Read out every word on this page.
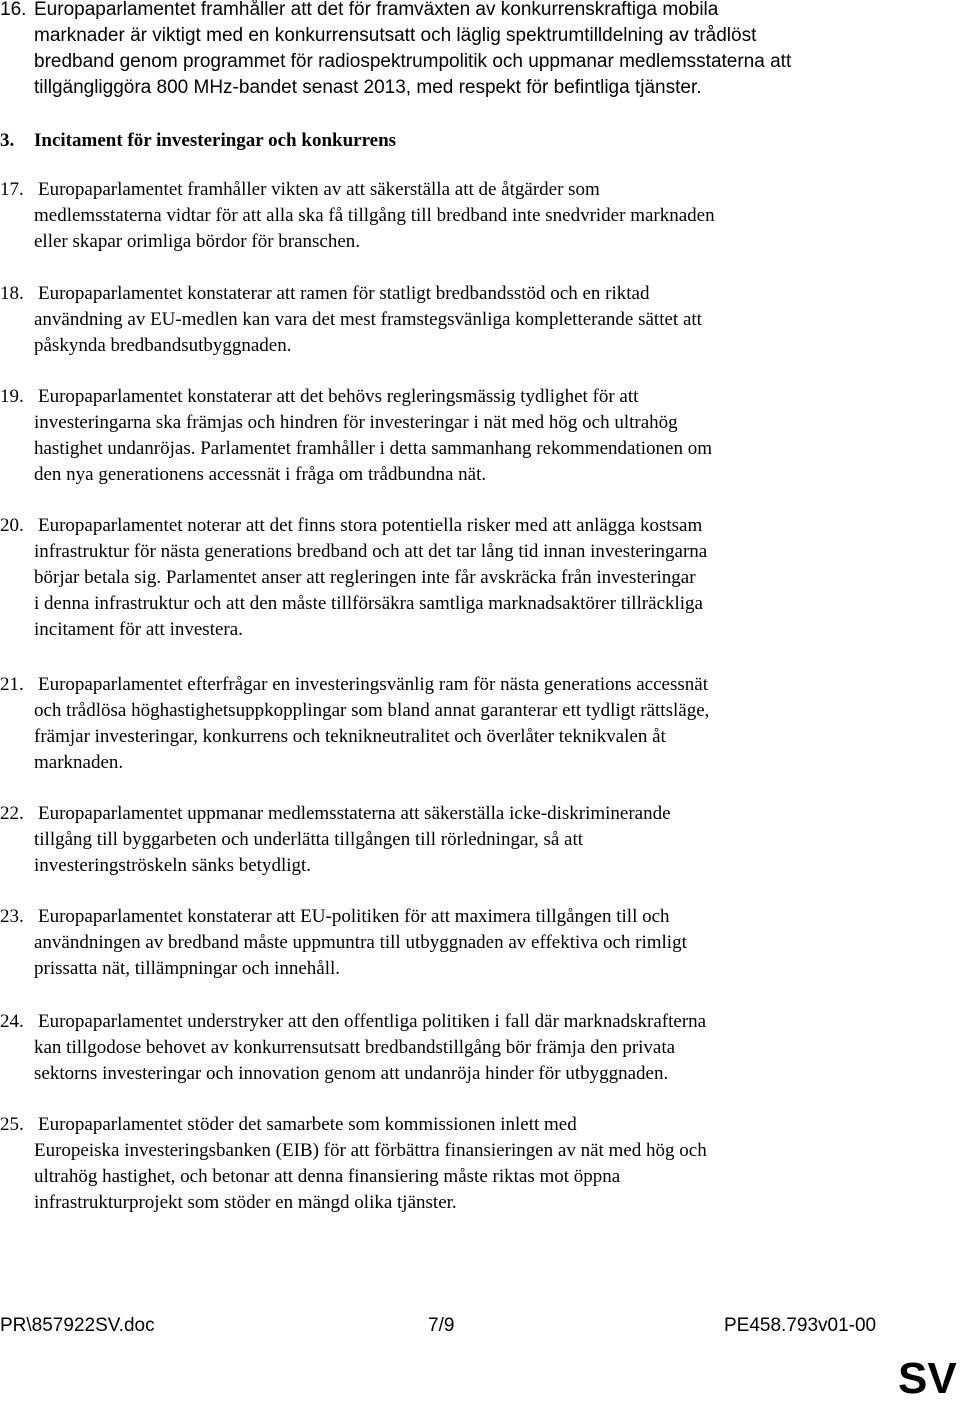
16. Europaparlamentet framhåller att det för framväxten av konkurrenskraftiga mobila
marknader är viktigt med en konkurrensutsatt och läglig spektrumtilldelning av trådlöst
bredband genom programmet för radiospektrumpolitik och uppmanar medlemsstaterna att
tillgängliggöra 800 MHz-bandet senast 2013, med respekt för befintliga tjänster.
3. Incitament för investeringar och konkurrens
17. Europaparlamentet framhåller vikten av att säkerställa att de åtgärder som
medlemsstaterna vidtar för att alla ska få tillgång till bredband inte snedvrider marknaden
eller skapar orimliga bördor för branschen.
18. Europaparlamentet konstaterar att ramen för statligt bredbandsstöd och en riktad
användning av EU-medlen kan vara det mest framstegsvänliga kompletterande sättet att
påskynda bredbandsutbyggnaden.
19. Europaparlamentet konstaterar att det behövs regleringsmässig tydlighet för att
investeringarna ska främjas och hindren för investeringar i nät med hög och ultrahög
hastighet undanröjas. Parlamentet framhåller i detta sammanhang rekommendationen om
den nya generationens accessnät i fråga om trådbundna nät.
20. Europaparlamentet noterar att det finns stora potentiella risker med att anlägga kostsam
infrastruktur för nästa generations bredband och att det tar lång tid innan investeringarna
börjar betala sig. Parlamentet anser att regleringen inte får avskräcka från investeringar
i denna infrastruktur och att den måste tillförsäkra samtliga marknadsaktörer tillräckliga
incitament för att investera.
21. Europaparlamentet efterfrågar en investeringsvänlig ram för nästa generations accessnät
och trådlösa höghastighetsuppkopplingar som bland annat garanterar ett tydligt rättsläge,
främjar investeringar, konkurrens och teknikneutralitet och överlåter teknikvalen åt
marknaden.
22. Europaparlamentet uppmanar medlemsstaterna att säkerställa icke-diskriminerande
tillgång till byggarbeten och underlätta tillgången till rörledningar, så att
investeringströskeln sänks betydligt.
23. Europaparlamentet konstaterar att EU-politiken för att maximera tillgången till och
användningen av bredband måste uppmuntra till utbyggnaden av effektiva och rimligt
prissatta nät, tillämpningar och innehåll.
24. Europaparlamentet understryker att den offentliga politiken i fall där marknadskrafterna
kan tillgodose behovet av konkurrensutsatt bredbandstillgång bör främja den privata
sektorns investeringar och innovation genom att undanröja hinder för utbyggnaden.
25. Europaparlamentet stöder det samarbete som kommissionen inlett med
Europeiska investeringsbanken (EIB) för att förbättra finansieringen av nät med hög och
ultrahög hastighet, och betonar att denna finansiering måste riktas mot öppna
infrastrukturprojekt som stöder en mängd olika tjänster.
PR\857922SV.doc	7/9	PE458.793v01-00
SV
